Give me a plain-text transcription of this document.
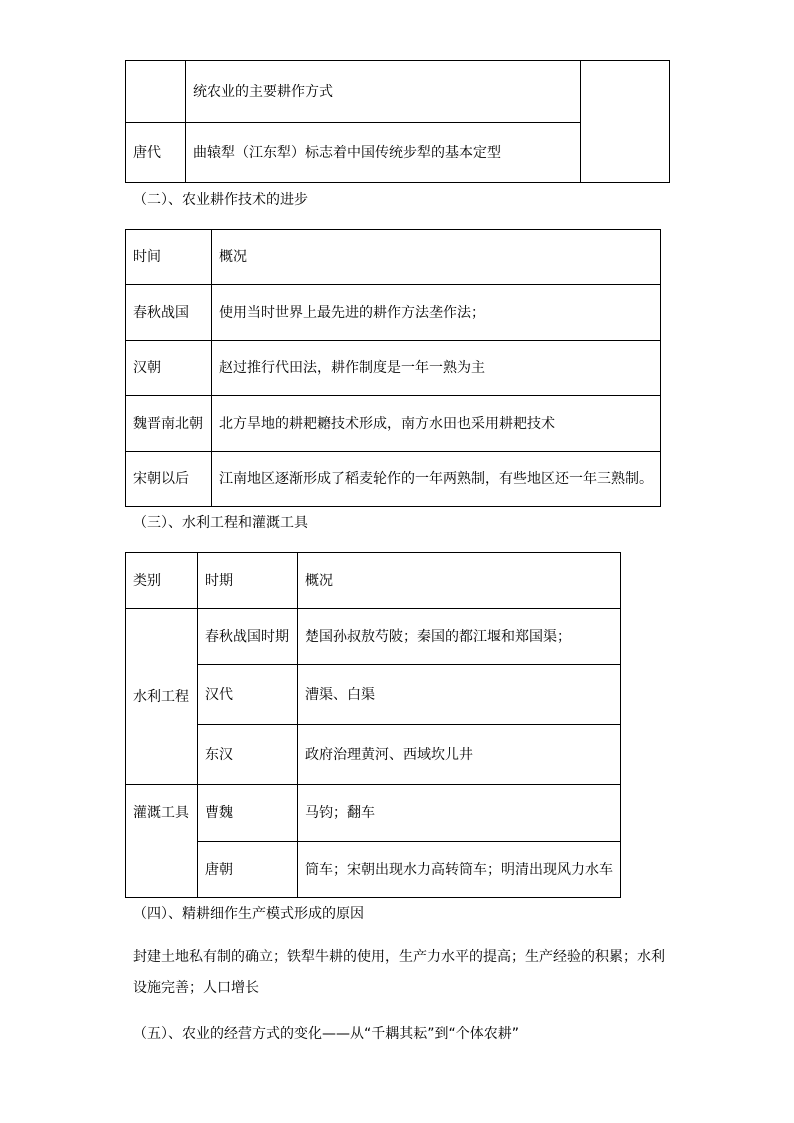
	统农业的主要耕作方式	
唐代	曲辕犁（江东犁）标志着中国传统步犁的基本定型	
（二）、农业耕作技术的进步
时间	概况
春秋战国	使用当时世界上最先进的耕作方法垄作法；
汉朝	赵过推行代田法，耕作制度是一年一熟为主
魏晋南北朝	北方旱地的耕耙耱技术形成，南方水田也采用耕耙技术
宋朝以后	江南地区逐渐形成了稻麦轮作的一年两熟制，有些地区还一年三熟制。
（三）、水利工程和灌溉工具
类别	时期	概况
水利工程	春秋战国时期	楚国孙叔敖芍陂；秦国的都江堰和郑国渠；
	汉代	漕渠、白渠
	东汉	政府治理黄河、西域坎儿井
灌溉工具	曹魏	马钧；翻车
	唐朝	筒车；宋朝出现水力高转筒车；明清出现风力水车
（四）、精耕细作生产模式形成的原因
封建土地私有制的确立；铁犁牛耕的使用，生产力水平的提高；生产经验的积累；水利设施完善；人口增长
（五）、农业的经营方式的变化——从“千耦其耘”到“个体农耕”
